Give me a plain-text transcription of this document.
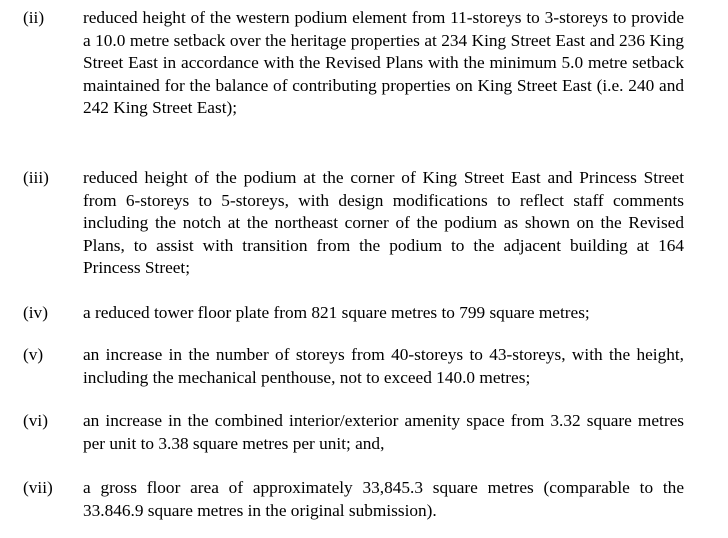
(ii) reduced height of the western podium element from 11-storeys to 3-storeys to provide a 10.0 metre setback over the heritage properties at 234 King Street East and 236 King Street East in accordance with the Revised Plans with the minimum 5.0 metre setback maintained for the balance of contributing properties on King Street East (i.e. 240 and 242 King Street East);
(iii) reduced height of the podium at the corner of King Street East and Princess Street from 6-storeys to 5-storeys, with design modifications to reflect staff comments including the notch at the northeast corner of the podium as shown on the Revised Plans, to assist with transition from the podium to the adjacent building at 164 Princess Street;
(iv) a reduced tower floor plate from 821 square metres to 799 square metres;
(v) an increase in the number of storeys from 40-storeys to 43-storeys, with the height, including the mechanical penthouse, not to exceed 140.0 metres;
(vi) an increase in the combined interior/exterior amenity space from 3.32 square metres per unit to 3.38 square metres per unit; and,
(vii) a gross floor area of approximately 33,845.3 square metres (comparable to the 33.846.9 square metres in the original submission).
